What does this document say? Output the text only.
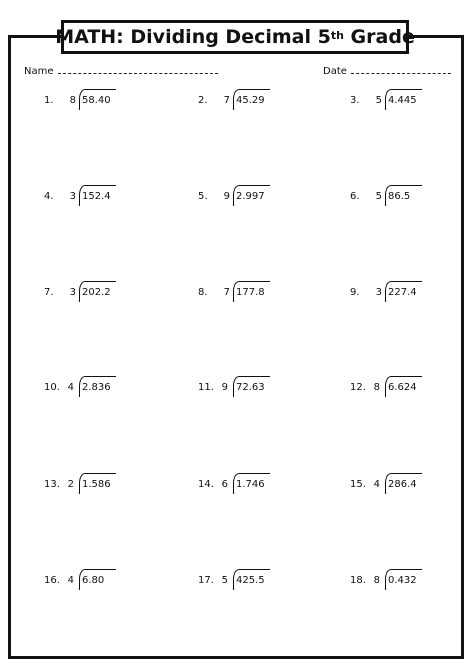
MATH: Dividing Decimal 5th Grade
Name	Date
1.	8 58.40	2.	7 45.29	3.	5 4.445
4.	3 152.4	5.	9 2.997	6.	5 86.5
7.	3 202.2	8.	7 177.8	9.	3 227.4
10. 4 2.836	11. 9 72.63	12. 8 6.624
13. 2 1.586	14. 6 1.746	15. 4 286.4
16. 4 6.80	17. 5 425.5	18. 8 0.432
